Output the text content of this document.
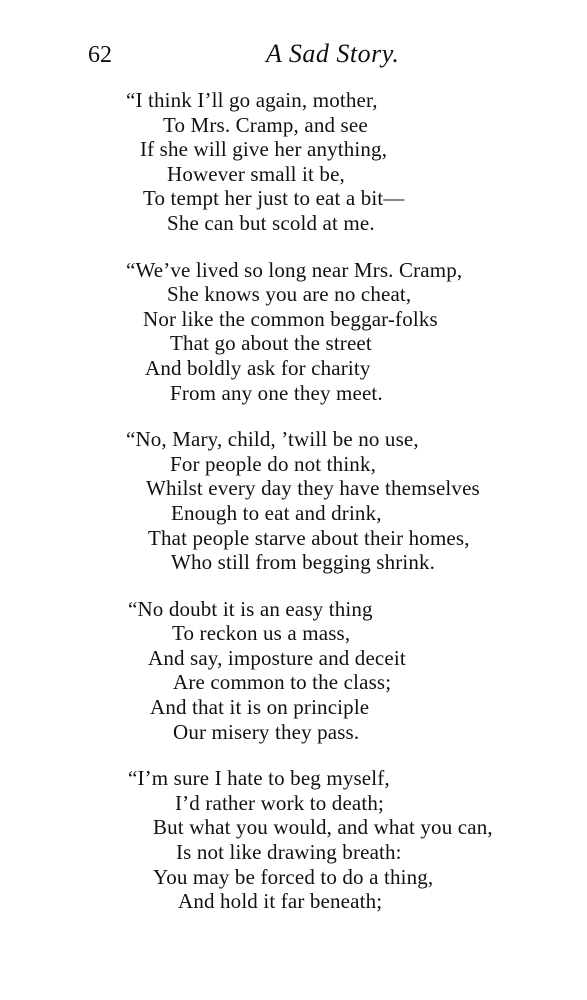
62	A Sad Story.
“I think I’ll go again, mother,
To Mrs. Cramp, and see
If she will give her anything,
However small it be,
To tempt her just to eat a bit—
She can but scold at me.
“We’ve lived so long near Mrs. Cramp,
She knows you are no cheat,
Nor like the common beggar-folks
That go about the street
And boldly ask for charity
From any one they meet.
“No, Mary, child, ’twill be no use,
For people do not think,
Whilst every day they have themselves
Enough to eat and drink,
That people starve about their homes,
Who still from begging shrink.
“No doubt it is an easy thing
To reckon us a mass,
And say, imposture and deceit
Are common to the class;
And that it is on principle
Our misery they pass.
“I’m sure I hate to beg myself,
I’d rather work to death;
But what you would, and what you can,
Is not like drawing breath:
You may be forced to do a thing,
And hold it far beneath;
